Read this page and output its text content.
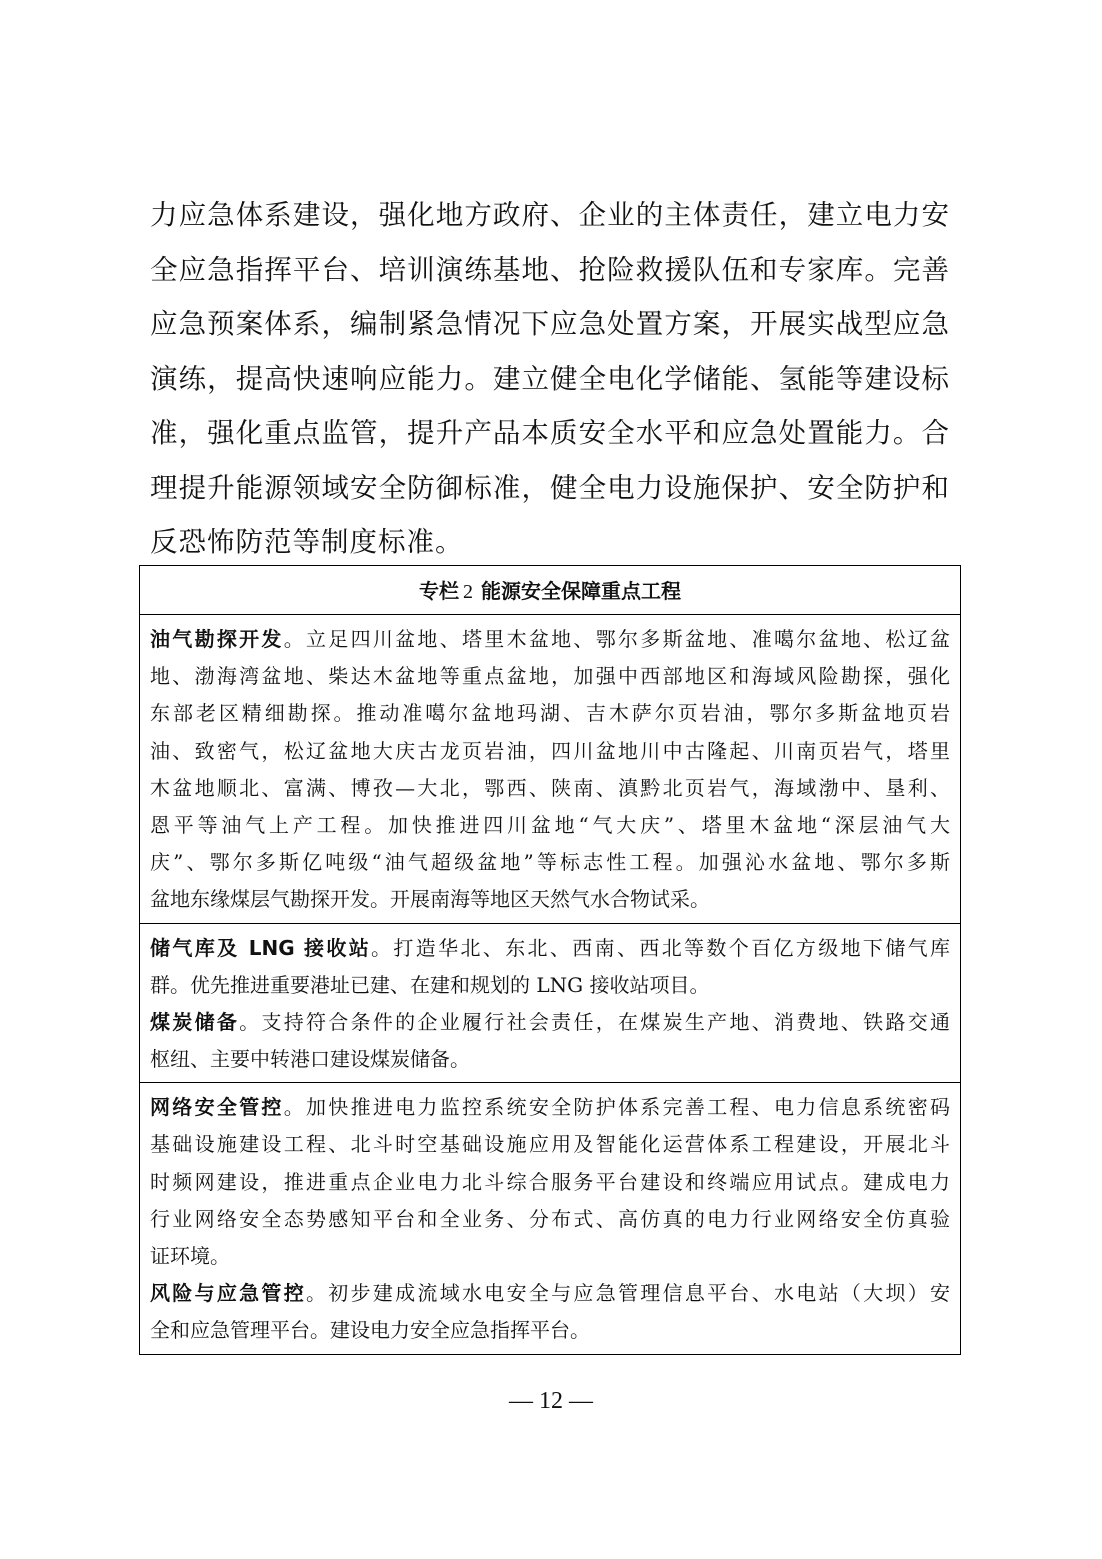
力应急体系建设，强化地方政府、企业的主体责任，建立电力安
全应急指挥平台、培训演练基地、抢险救援队伍和专家库。完善
应急预案体系，编制紧急情况下应急处置方案，开展实战型应急
演练，提高快速响应能力。建立健全电化学储能、氢能等建设标
准，强化重点监管，提升产品本质安全水平和应急处置能力。合
理提升能源领域安全防御标准，健全电力设施保护、安全防护和
反恐怖防范等制度标准。
专栏 2 能源安全保障重点工程
油气勘探开发。立足四川盆地、塔里木盆地、鄂尔多斯盆地、准噶尔盆地、松辽盆
地、渤海湾盆地、柴达木盆地等重点盆地，加强中西部地区和海域风险勘探，强化
东部老区精细勘探。推动准噶尔盆地玛湖、吉木萨尔页岩油，鄂尔多斯盆地页岩
油、致密气，松辽盆地大庆古龙页岩油，四川盆地川中古隆起、川南页岩气，塔里
木盆地顺北、富满、博孜—大北，鄂西、陕南、滇黔北页岩气，海域渤中、垦利、
恩平等油气上产工程。加快推进四川盆地“气大庆”、塔里木盆地“深层油气大
庆”、鄂尔多斯亿吨级“油气超级盆地”等标志性工程。加强沁水盆地、鄂尔多斯
盆地东缘煤层气勘探开发。开展南海等地区天然气水合物试采。
储气库及 LNG 接收站。打造华北、东北、西南、西北等数个百亿方级地下储气库
群。优先推进重要港址已建、在建和规划的 LNG 接收站项目。
煤炭储备。支持符合条件的企业履行社会责任，在煤炭生产地、消费地、铁路交通
枢纽、主要中转港口建设煤炭储备。
网络安全管控。加快推进电力监控系统安全防护体系完善工程、电力信息系统密码
基础设施建设工程、北斗时空基础设施应用及智能化运营体系工程建设，开展北斗
时频网建设，推进重点企业电力北斗综合服务平台建设和终端应用试点。建成电力
行业网络安全态势感知平台和全业务、分布式、高仿真的电力行业网络安全仿真验
证环境。
风险与应急管控。初步建成流域水电安全与应急管理信息平台、水电站（大坝）安
全和应急管理平台。建设电力安全应急指挥平台。
— 12 —
